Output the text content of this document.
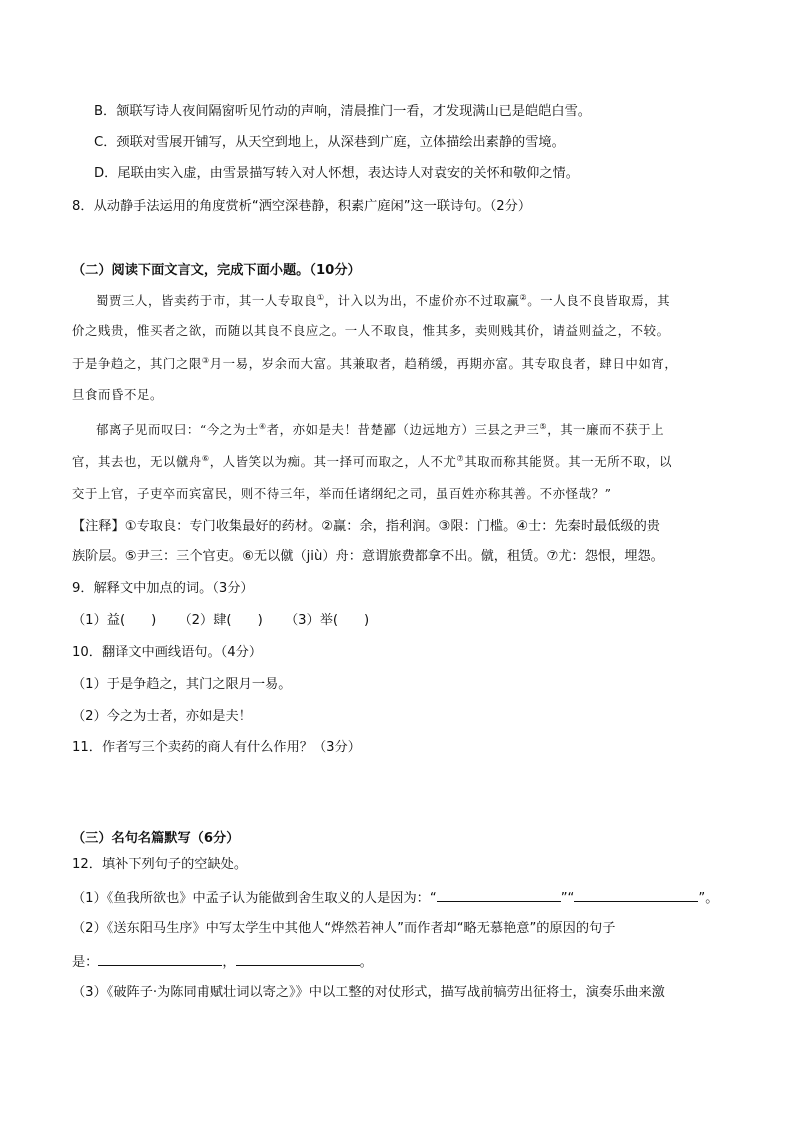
B．颔联写诗人夜间隔窗听见竹动的声响，清晨推门一看，才发现满山已是皑皑白雪。
C．颈联对雪展开铺写，从天空到地上，从深巷到广庭，立体描绘出素静的雪境。
D．尾联由实入虚，由雪景描写转入对人怀想，表达诗人对袁安的关怀和敬仰之情。
8．从动静手法运用的角度赏析“洒空深巷静，积素广庭闲”这一联诗句。（2分）
（二）阅读下面文言文，完成下面小题。（10分）
蜀贾三人，皆卖药于市，其一人专取良①，计入以为出，不虚价亦不过取赢②。一人良不良皆取焉，其
价之贱贵，惟买者之欲，而随以其良不良应之。一人不取良，惟其多，卖则贱其价，请益则益之，不较。
于是争趋之，其门之限③月一易，岁余而大富。其兼取者，趋稍缓，再期亦富。其专取良者，肆日中如宵，
旦食而昏不足。
郁离子见而叹曰：“今之为士④者，亦如是夫！昔楚鄙（边远地方）三县之尹三⑤，其一廉而不获于上
官，其去也，无以僦舟⑥，人皆笑以为痴。其一择可而取之，人不尤⑦其取而称其能贤。其一无所不取，以
交于上官，子吏卒而宾富民，则不待三年，举而任诸纲纪之司，虽百姓亦称其善。不亦怪哉？”
【注释】①专取良：专门收集最好的药材。②赢：余，指利润。③限：门槛。④士：先秦时最低级的贵
族阶层。⑤尹三：三个官吏。⑥无以僦（jiù）舟：意谓旅费都拿不出。僦，租赁。⑦尤：怨恨，埋怨。
9．解释文中加点的词。（3分）
（1）益( ) （2）肆( ) （3）举( )
10．翻译文中画线语句。（4分）
（1）于是争趋之，其门之限月一易。
（2）今之为士者，亦如是夫！
11．作者写三个卖药的商人有什么作用？（3分）
（三）名句名篇默写（6分）
12．填补下列句子的空缺处。
（1）《鱼我所欲也》中孟子认为能做到舍生取义的人是因为：“	”“	”。
（2）《送东阳马生序》中写太学生中其他人“烨然若神人”而作者却“略无慕艳意”的原因的句子
是：	，	。
（3）《破阵子·为陈同甫赋壮词以寄之》》中以工整的对仗形式，描写战前犒劳出征将士，演奏乐曲来激
